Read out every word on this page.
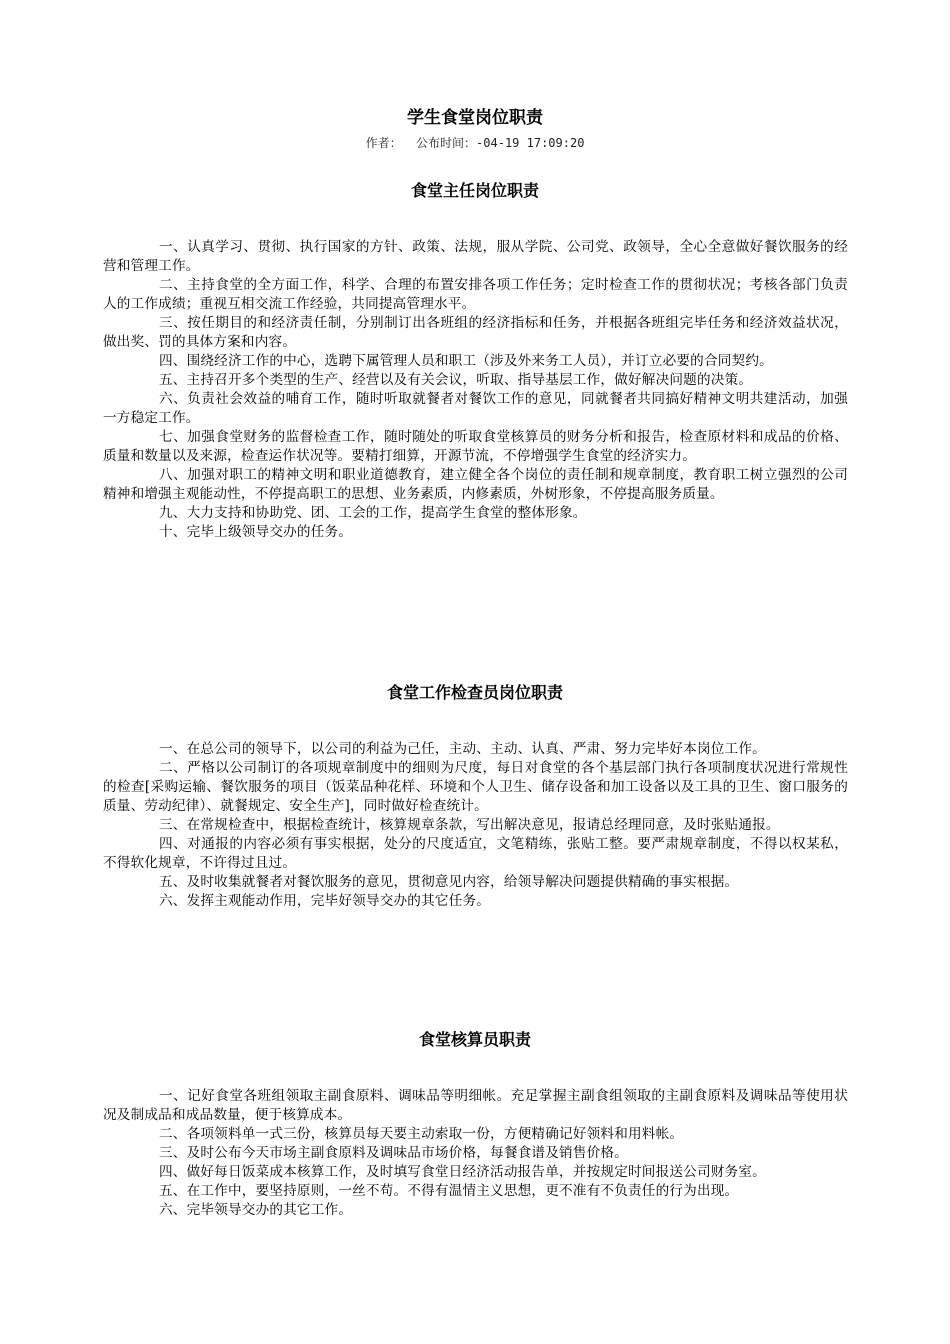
学生食堂岗位职责
作者： 公布时间：-04-19 17:09:20
食堂主任岗位职责

一、认真学习、贯彻、执行国家的方针、政策、法规，服从学院、公司党、政领导，全心全意做好餐饮服务的经营和管理工作。

二、主持食堂的全方面工作，科学、合理的布置安排各项工作任务；定时检查工作的贯彻状况；考核各部门负责人的工作成绩；重视互相交流工作经验，共同提高管理水平。

三、按任期目的和经济责任制，分别制订出各班组的经济指标和任务，并根据各班组完毕任务和经济效益状况，做出奖、罚的具体方案和内容。

四、围绕经济工作的中心，选聘下属管理人员和职工（涉及外来务工人员），并订立必要的合同契约。

五、主持召开多个类型的生产、经营以及有关会议，听取、指导基层工作，做好解决问题的决策。

六、负责社会效益的哺育工作，随时听取就餐者对餐饮工作的意见，同就餐者共同搞好精神文明共建活动，加强一方稳定工作。

七、加强食堂财务的监督检查工作，随时随处的听取食堂核算员的财务分析和报告，检查原材料和成品的价格、质量和数量以及来源，检查运作状况等。要精打细算，开源节流，不停增强学生食堂的经济实力。

八、加强对职工的精神文明和职业道德教育，建立健全各个岗位的责任制和规章制度，教育职工树立强烈的公司精神和增强主观能动性，不停提高职工的思想、业务素质，内修素质，外树形象，不停提高服务质量。

九、大力支持和协助党、团、工会的工作，提高学生食堂的整体形象。

十、完毕上级领导交办的任务。

食堂工作检查员岗位职责

一、在总公司的领导下，以公司的利益为己任，主动、主动、认真、严肃、努力完毕好本岗位工作。

二、严格以公司制订的各项规章制度中的细则为尺度，每日对食堂的各个基层部门执行各项制度状况进行常规性的检查[采购运输、餐饮服务的项目（饭菜品种花样、环境和个人卫生、储存设备和加工设备以及工具的卫生、窗口服务的质量、劳动纪律）、就餐规定、安全生产]，同时做好检查统计。

三、在常规检查中，根据检查统计，核算规章条款，写出解决意见，报请总经理同意，及时张贴通报。

四、对通报的内容必须有事实根据，处分的尺度适宜，文笔精练，张贴工整。要严肃规章制度，不得以权某私，不得软化规章，不许得过且过。

五、及时收集就餐者对餐饮服务的意见，贯彻意见内容，给领导解决问题提供精确的事实根据。

六、发挥主观能动作用，完毕好领导交办的其它任务。

食堂核算员职责

一、记好食堂各班组领取主副食原料、调味品等明细帐。充足掌握主副食组领取的主副食原料及调味品等使用状况及制成品和成品数量，便于核算成本。

二、各项领料单一式三份，核算员每天要主动索取一份，方便精确记好领料和用料帐。

三、及时公布今天市场主副食原料及调味品市场价格，每餐食谱及销售价格。

四、做好每日饭菜成本核算工作，及时填写食堂日经济活动报告单，并按规定时间报送公司财务室。

五、在工作中，要坚持原则，一丝不苟。不得有温情主义思想，更不准有不负责任的行为出现。

六、完毕领导交办的其它工作。
